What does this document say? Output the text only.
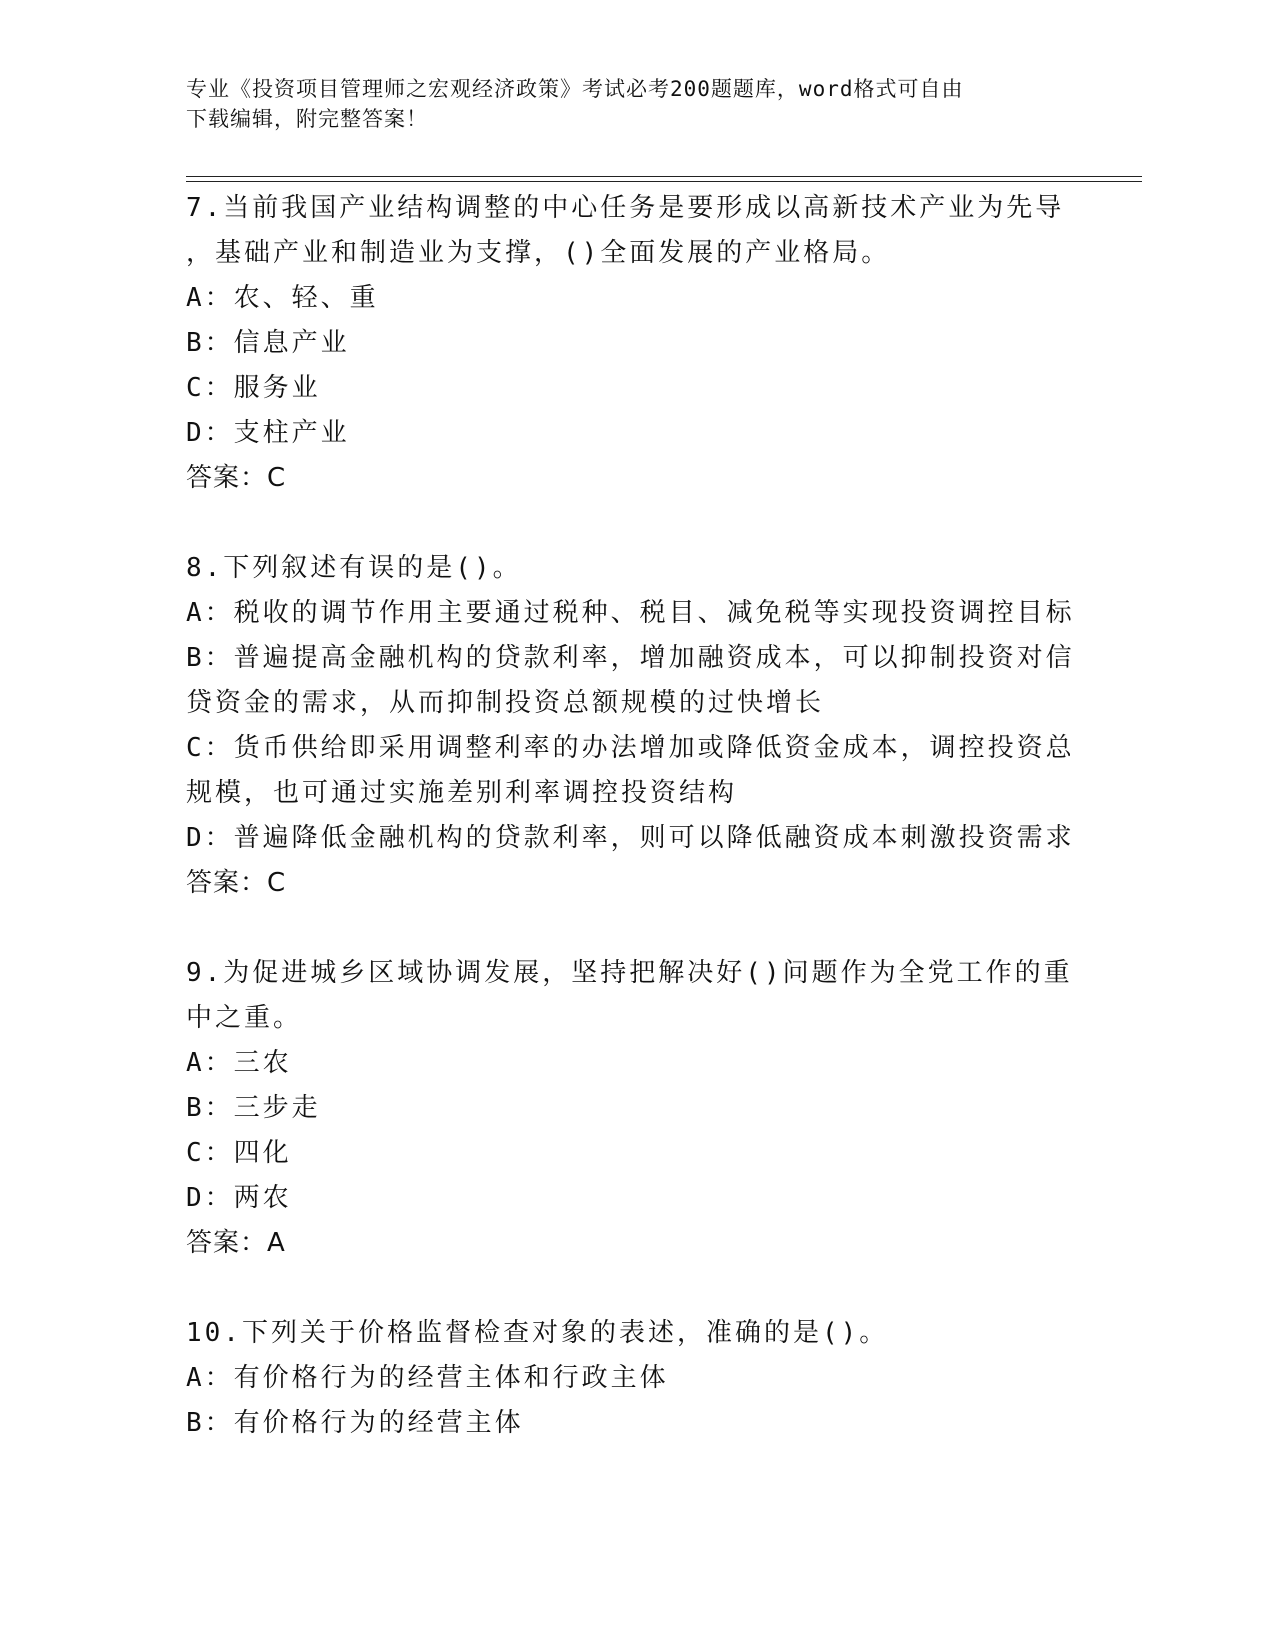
专业《投资项目管理师之宏观经济政策》考试必考200题题库，word格式可自由
下载编辑，附完整答案！
7.当前我国产业结构调整的中心任务是要形成以高新技术产业为先导
，基础产业和制造业为支撑，()全面发展的产业格局。
A：农、轻、重
B：信息产业
C：服务业
D：支柱产业
答案：C
8.下列叙述有误的是()。
A：税收的调节作用主要通过税种、税目、减免税等实现投资调控目标
B：普遍提高金融机构的贷款利率，增加融资成本，可以抑制投资对信
贷资金的需求，从而抑制投资总额规模的过快增长
C：货币供给即采用调整利率的办法增加或降低资金成本，调控投资总
规模，也可通过实施差别利率调控投资结构
D：普遍降低金融机构的贷款利率，则可以降低融资成本刺激投资需求
答案：C
9.为促进城乡区域协调发展，坚持把解决好()问题作为全党工作的重
中之重。
A：三农
B：三步走
C：四化
D：两农
答案：A
10.下列关于价格监督检查对象的表述，准确的是()。
A：有价格行为的经营主体和行政主体
B：有价格行为的经营主体
